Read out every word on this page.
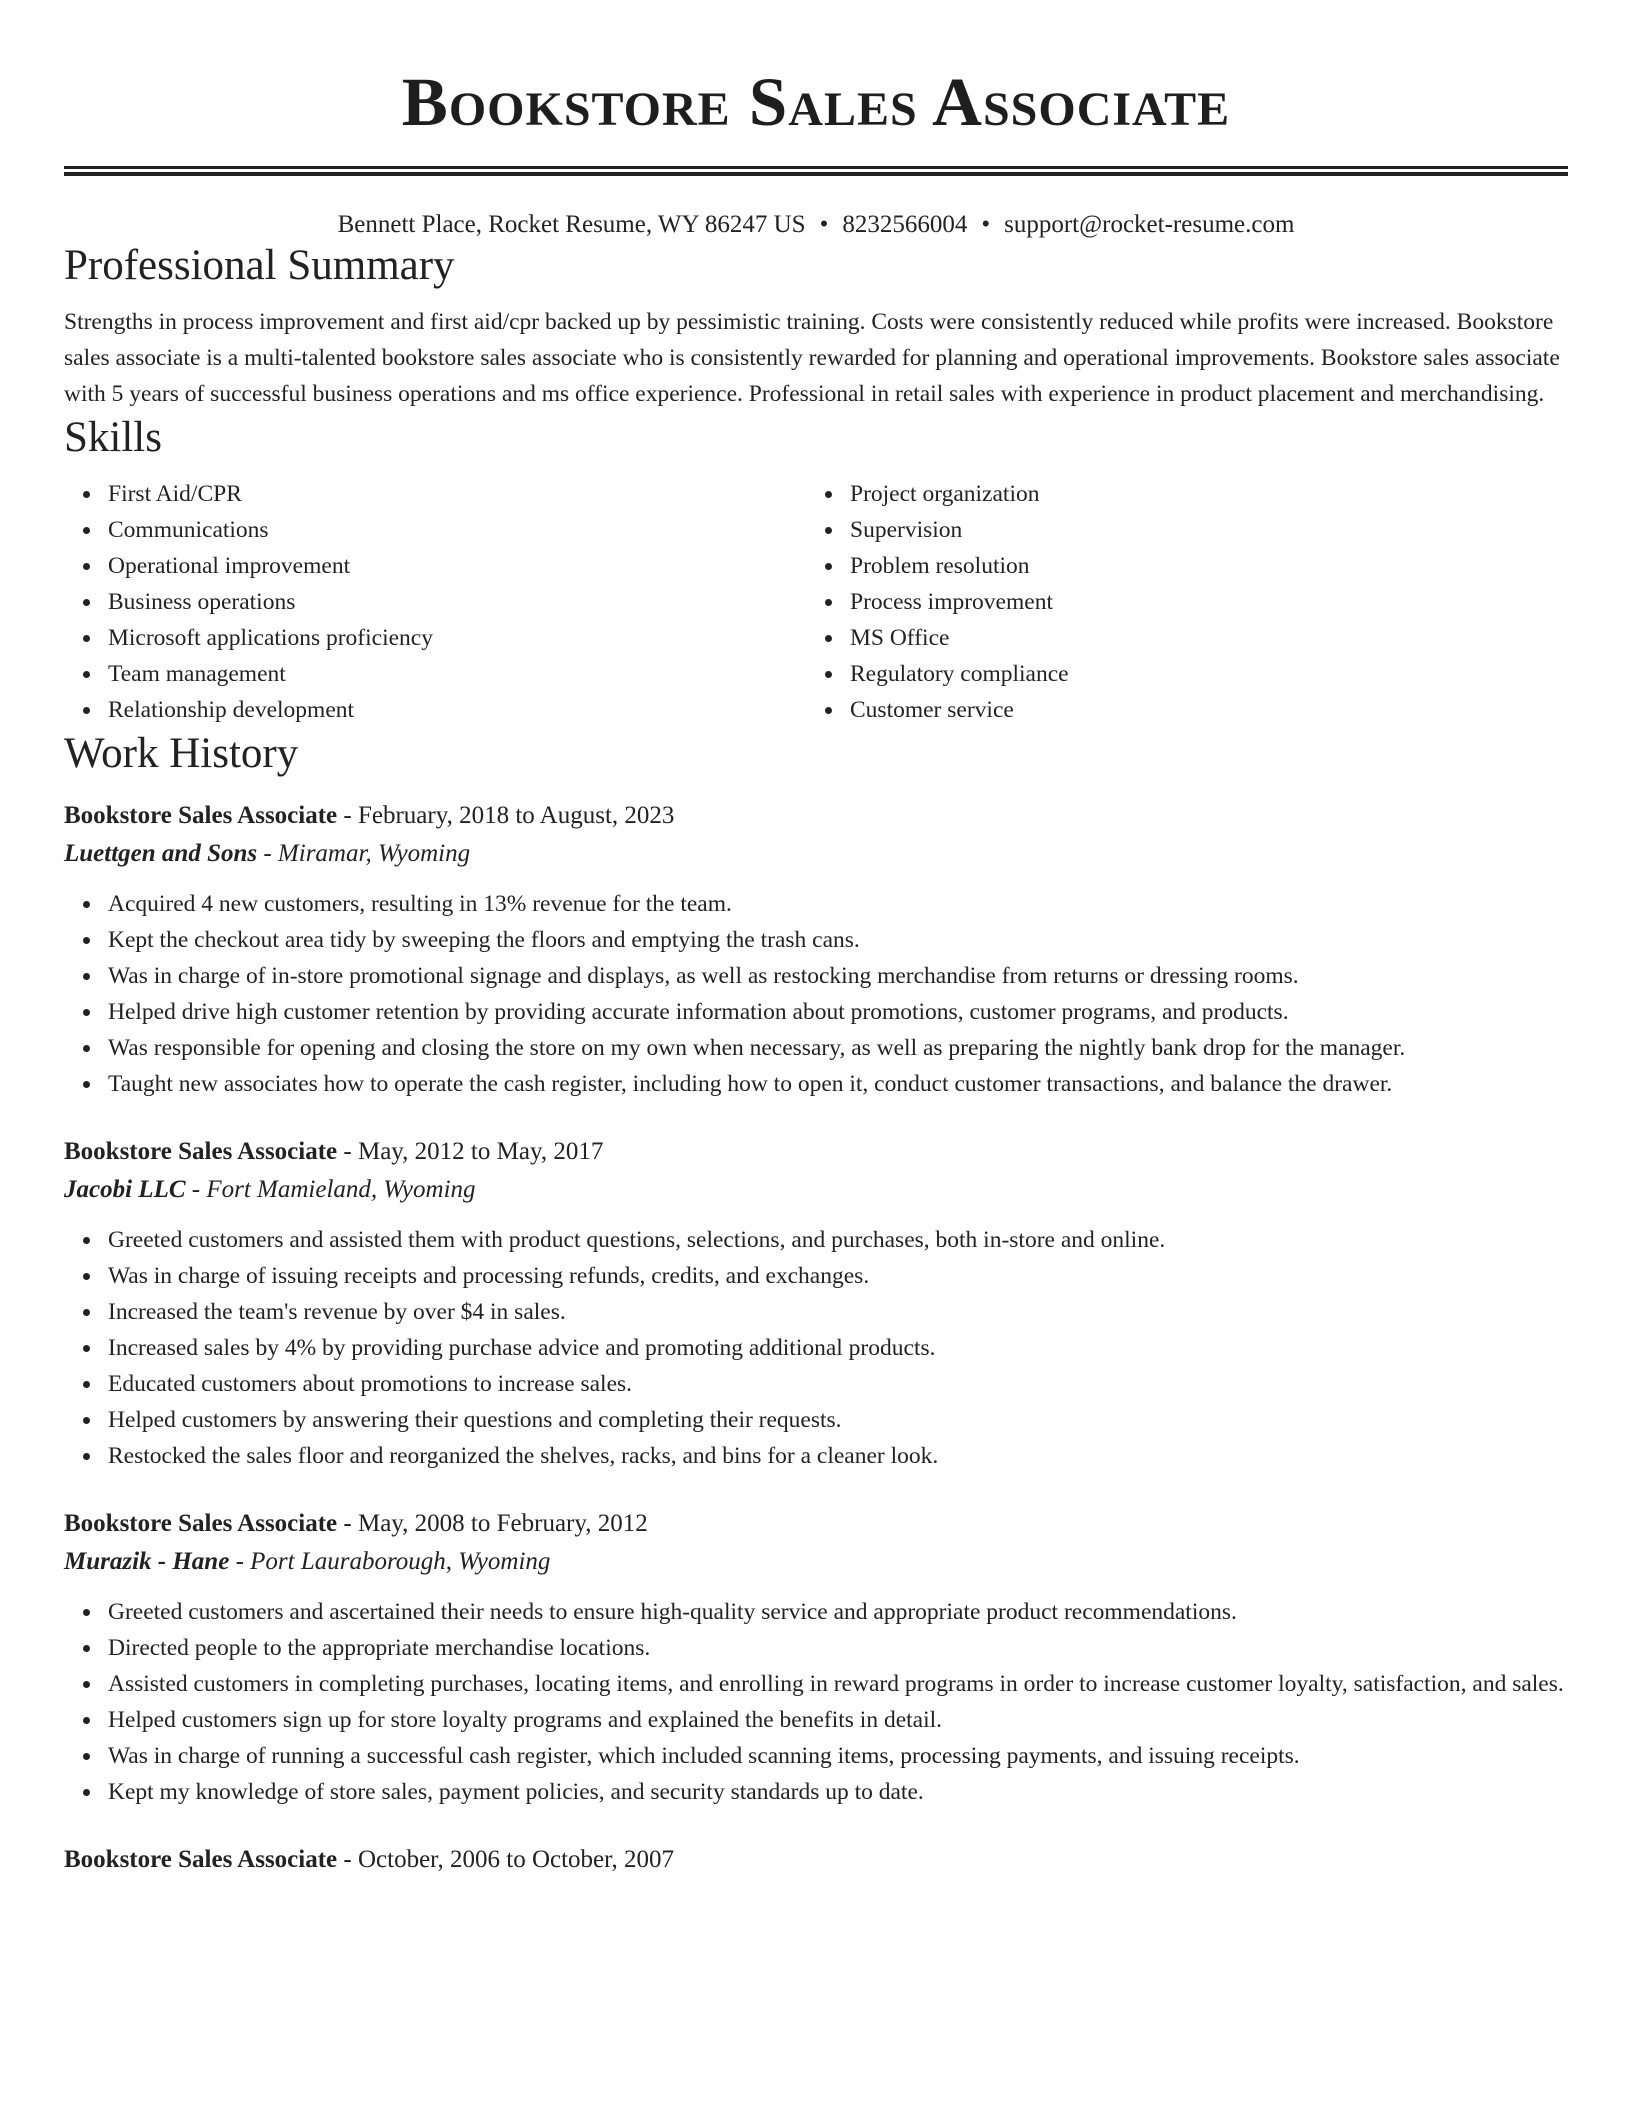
Bookstore Sales Associate
Bennett Place, Rocket Resume, WY 86247 US • 8232566004 • support@rocket-resume.com
Professional Summary

Strengths in process improvement and first aid/cpr backed up by pessimistic training. Costs were consistently reduced while profits were increased. Bookstore sales associate is a multi-talented bookstore sales associate who is consistently rewarded for planning and operational improvements. Bookstore sales associate with 5 years of successful business operations and ms office experience. Professional in retail sales with experience in product placement and merchandising.

Skills
First Aid/CPR
Communications
Operational improvement
Business operations
Microsoft applications proficiency
Team management
Relationship development
Project organization
Supervision
Problem resolution
Process improvement
MS Office
Regulatory compliance
Customer service
Work History
Bookstore Sales Associate - February, 2018 to August, 2023
Luettgen and Sons - Miramar, Wyoming
Acquired 4 new customers, resulting in 13% revenue for the team.
Kept the checkout area tidy by sweeping the floors and emptying the trash cans.
Was in charge of in-store promotional signage and displays, as well as restocking merchandise from returns or dressing rooms.
Helped drive high customer retention by providing accurate information about promotions, customer programs, and products.
Was responsible for opening and closing the store on my own when necessary, as well as preparing the nightly bank drop for the manager.
Taught new associates how to operate the cash register, including how to open it, conduct customer transactions, and balance the drawer.
Bookstore Sales Associate - May, 2012 to May, 2017
Jacobi LLC - Fort Mamieland, Wyoming
Greeted customers and assisted them with product questions, selections, and purchases, both in-store and online.
Was in charge of issuing receipts and processing refunds, credits, and exchanges.
Increased the team's revenue by over $4 in sales.
Increased sales by 4% by providing purchase advice and promoting additional products.
Educated customers about promotions to increase sales.
Helped customers by answering their questions and completing their requests.
Restocked the sales floor and reorganized the shelves, racks, and bins for a cleaner look.
Bookstore Sales Associate - May, 2008 to February, 2012
Murazik - Hane - Port Lauraborough, Wyoming
Greeted customers and ascertained their needs to ensure high-quality service and appropriate product recommendations.
Directed people to the appropriate merchandise locations.
Assisted customers in completing purchases, locating items, and enrolling in reward programs in order to increase customer loyalty, satisfaction, and sales.
Helped customers sign up for store loyalty programs and explained the benefits in detail.
Was in charge of running a successful cash register, which included scanning items, processing payments, and issuing receipts.
Kept my knowledge of store sales, payment policies, and security standards up to date.
Bookstore Sales Associate - October, 2006 to October, 2007
